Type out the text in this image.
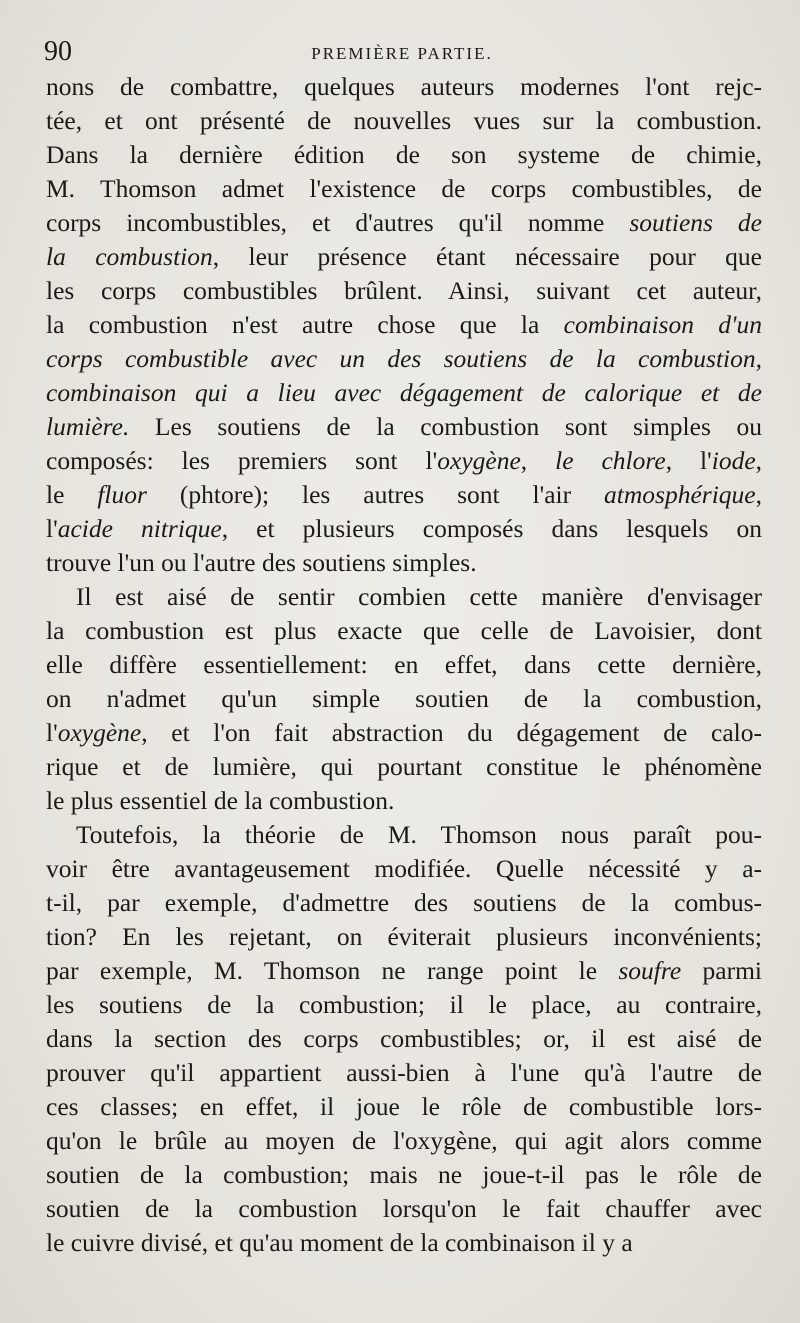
90	PREMIÈRE PARTIE.
nons de combattre, quelques auteurs modernes l'ont rejc-
tée, et ont présenté de nouvelles vues sur la combustion.
Dans la dernière édition de son systeme de chimie,
M. Thomson admet l'existence de corps combustibles, de
corps incombustibles, et d'autres qu'il nomme soutiens de
la combustion, leur présence étant nécessaire pour que
les corps combustibles brûlent. Ainsi, suivant cet auteur,
la combustion n'est autre chose que la combinaison d'un
corps combustible avec un des soutiens de la combustion,
combinaison qui a lieu avec dégagement de calorique et de
lumière. Les soutiens de la combustion sont simples ou
composés: les premiers sont l'oxygène, le chlore, l'iode,
le fluor (phtore); les autres sont l'air atmosphérique,
l'acide nitrique, et plusieurs composés dans lesquels on
trouve l'un ou l'autre des soutiens simples.
Il est aisé de sentir combien cette manière d'envisager
la combustion est plus exacte que celle de Lavoisier, dont
elle diffère essentiellement: en effet, dans cette dernière,
on n'admet qu'un simple soutien de la combustion,
l'oxygène, et l'on fait abstraction du dégagement de calo-
rique et de lumière, qui pourtant constitue le phénomène
le plus essentiel de la combustion.
Toutefois, la théorie de M. Thomson nous paraît pou-
voir être avantageusement modifiée. Quelle nécessité y a-
t-il, par exemple, d'admettre des soutiens de la combus-
tion? En les rejetant, on éviterait plusieurs inconvénients;
par exemple, M. Thomson ne range point le soufre parmi
les soutiens de la combustion; il le place, au contraire,
dans la section des corps combustibles; or, il est aisé de
prouver qu'il appartient aussi-bien à l'une qu'à l'autre de
ces classes; en effet, il joue le rôle de combustible lors-
qu'on le brûle au moyen de l'oxygène, qui agit alors comme
soutien de la combustion; mais ne joue-t-il pas le rôle de
soutien de la combustion lorsqu'on le fait chauffer avec
le cuivre divisé, et qu'au moment de la combinaison il y a
